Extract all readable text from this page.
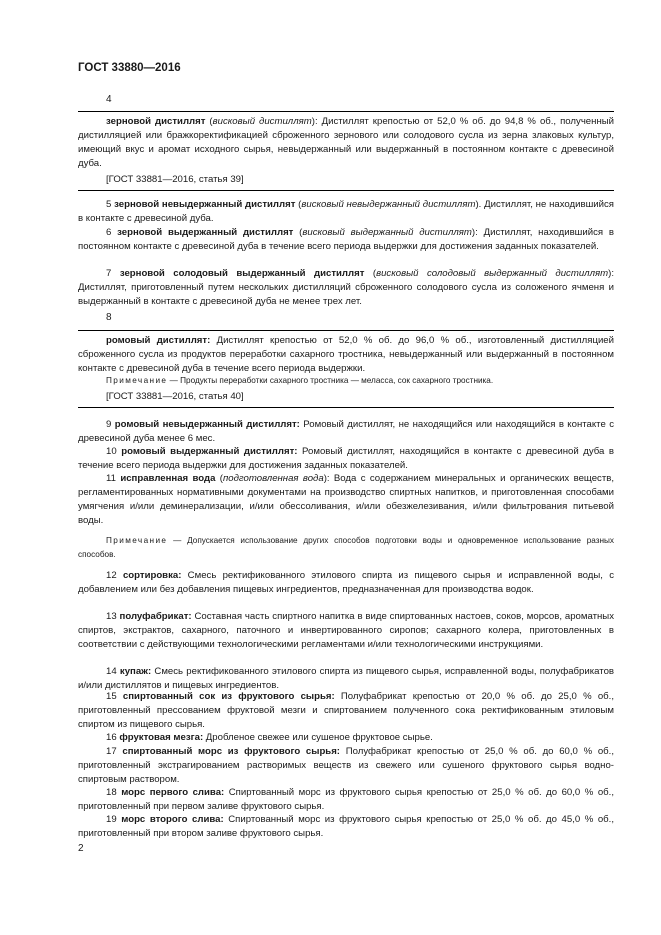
ГОСТ 33880—2016
4

зерновой дистиллят (висковый дистиллят): Дистиллят крепостью от 52,0 % об. до 94,8 % об., полученный дистилляцией или бражкоректификацией сброженного зернового или солодового сусла из зерна злаковых культур, имеющий вкус и аромат исходного сырья, невыдержанный или выдержанный в постоянном контакте с древесиной дуба.

[ГОСТ 33881—2016, статья 39]

5 зерновой невыдержанный дистиллят (висковый невыдержанный дистиллят). Дистиллят, не находившийся в контакте с древесиной дуба.

6 зерновой выдержанный дистиллят (висковый выдержанный дистиллят): Дистиллят, находившийся в постоянном контакте с древесиной дуба в течение всего периода выдержки для достижения заданных показателей.

7 зерновой солодовый выдержанный дистиллят (висковый солодовый выдержанный дистиллят): Дистиллят, приготовленный путем нескольких дистилляций сброженного солодового сусла из соложеного ячменя и выдержанный в контакте с древесиной дуба не менее трех лет.

8

ромовый дистиллят: Дистиллят крепостью от 52,0 % об. до 96,0 % об., изготовленный дистилляцией сброженного сусла из продуктов переработки сахарного тростника, невыдержанный или выдержанный в постоянном контакте с древесиной дуба в течение всего периода выдержки.

Примечание — Продукты переработки сахарного тростника — меласса, сок сахарного тростника.

[ГОСТ 33881—2016, статья 40]

9 ромовый невыдержанный дистиллят: Ромовый дистиллят, не находящийся или находящийся в контакте с древесиной дуба менее 6 мес.

10 ромовый выдержанный дистиллят: Ромовый дистиллят, находящийся в контакте с древесиной дуба в течение всего периода выдержки для достижения заданных показателей.

11 исправленная вода (подготовленная вода): Вода с содержанием минеральных и органических веществ, регламентированных нормативными документами на производство спиртных напитков, и приготовленная способами умягчения и/или деминерализации, и/или обессоливания, и/или обезжелезивания, и/или фильтрования питьевой воды.

Примечание — Допускается использование других способов подготовки воды и одновременное использование разных способов.

12 сортировка: Смесь ректификованного этилового спирта из пищевого сырья и исправленной воды, с добавлением или без добавления пищевых ингредиентов, предназначенная для производства водок.

13 полуфабрикат: Составная часть спиртного напитка в виде спиртованных настоев, соков, морсов, ароматных спиртов, экстрактов, сахарного, паточного и инвертированного сиропов; сахарного колера, приготовленных в соответствии с действующими технологическими регламентами и/или технологическими инструкциями.

14 купаж: Смесь ректификованного этилового спирта из пищевого сырья, исправленной воды, полуфабрикатов и/или дистиллятов и пищевых ингредиентов.

15 спиртованный сок из фруктового сырья: Полуфабрикат крепостью от 20,0 % об. до 25,0 % об., приготовленный прессованием фруктовой мезги и спиртованием полученного сока ректификованным этиловым спиртом из пищевого сырья.

16 фруктовая мезга: Дробленое свежее или сушеное фруктовое сырье.

17 спиртованный морс из фруктового сырья: Полуфабрикат крепостью от 25,0 % об. до 60,0 % об., приготовленный экстрагированием растворимых веществ из свежего или сушеного фруктового сырья водно-спиртовым раствором.

18 морс первого слива: Спиртованный морс из фруктового сырья крепостью от 25,0 % об. до 60,0 % об., приготовленный при первом заливе фруктового сырья.

19 морс второго слива: Спиртованный морс из фруктового сырья крепостью от 25,0 % об. до 45,0 % об., приготовленный при втором заливе фруктового сырья.

2
